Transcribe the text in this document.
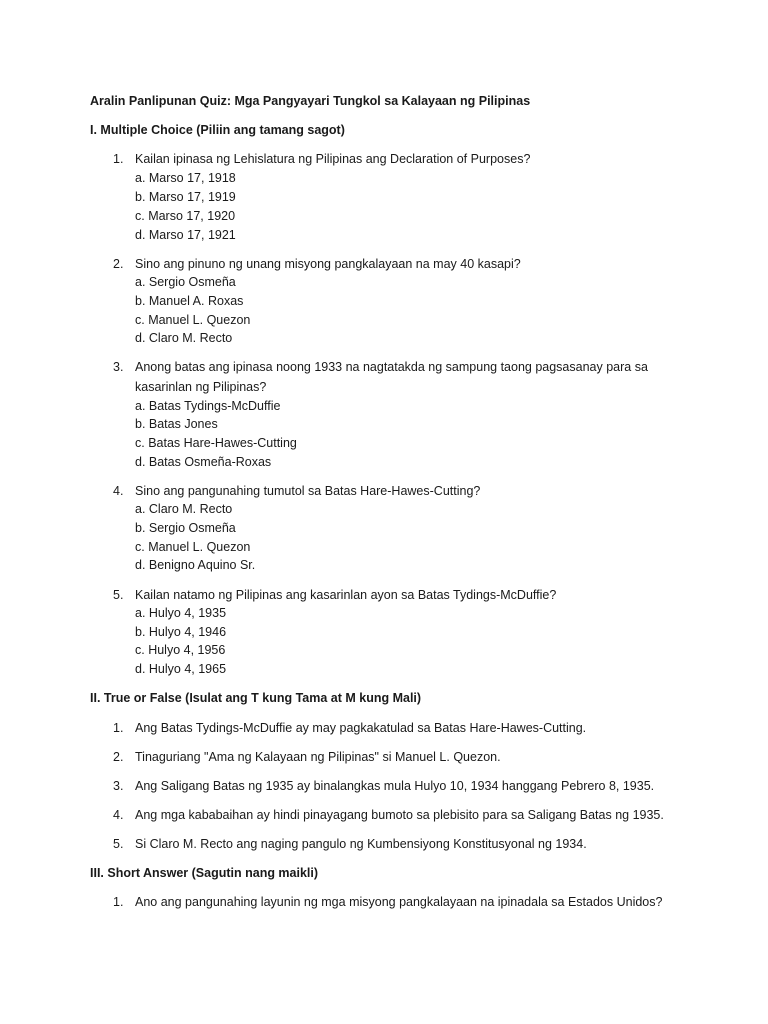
Aralin Panlipunan Quiz: Mga Pangyayari Tungkol sa Kalayaan ng Pilipinas
I. Multiple Choice (Piliin ang tamang sagot)
1. Kailan ipinasa ng Lehislatura ng Pilipinas ang Declaration of Purposes?
a. Marso 17, 1918
b. Marso 17, 1919
c. Marso 17, 1920
d. Marso 17, 1921
2. Sino ang pinuno ng unang misyong pangkalayaan na may 40 kasapi?
a. Sergio Osmeña
b. Manuel A. Roxas
c. Manuel L. Quezon
d. Claro M. Recto
3. Anong batas ang ipinasa noong 1933 na nagtatakda ng sampung taong pagsasanay para sa
kasarinlan ng Pilipinas?
a. Batas Tydings-McDuffie
b. Batas Jones
c. Batas Hare-Hawes-Cutting
d. Batas Osmeña-Roxas
4. Sino ang pangunahing tumutol sa Batas Hare-Hawes-Cutting?
a. Claro M. Recto
b. Sergio Osmeña
c. Manuel L. Quezon
d. Benigno Aquino Sr.
5. Kailan natamo ng Pilipinas ang kasarinlan ayon sa Batas Tydings-McDuffie?
a. Hulyo 4, 1935
b. Hulyo 4, 1946
c. Hulyo 4, 1956
d. Hulyo 4, 1965
II. True or False (Isulat ang T kung Tama at M kung Mali)
1. Ang Batas Tydings-McDuffie ay may pagkakatulad sa Batas Hare-Hawes-Cutting.
2. Tinaguriang "Ama ng Kalayaan ng Pilipinas" si Manuel L. Quezon.
3. Ang Saligang Batas ng 1935 ay binalangkas mula Hulyo 10, 1934 hanggang Pebrero 8, 1935.
4. Ang mga kababaihan ay hindi pinayagang bumoto sa plebisito para sa Saligang Batas ng 1935.
5. Si Claro M. Recto ang naging pangulo ng Kumbensiyong Konstitusyonal ng 1934.
III. Short Answer (Sagutin nang maikli)
1. Ano ang pangunahing layunin ng mga misyong pangkalayaan na ipinadala sa Estados Unidos?
